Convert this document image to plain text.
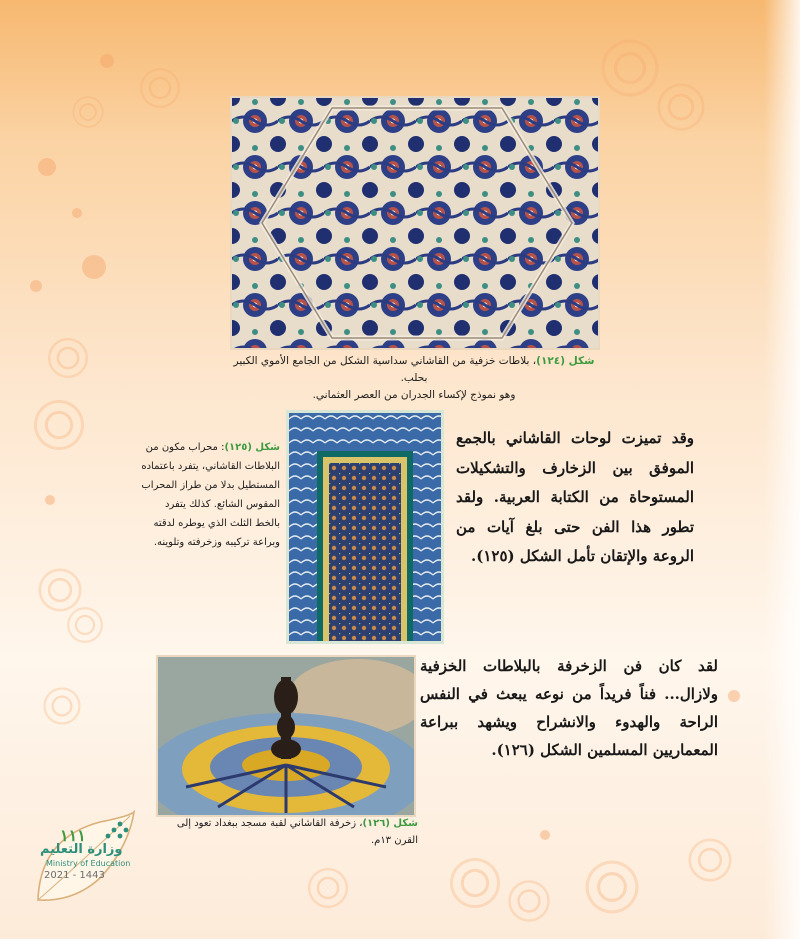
شكل (١٢٤)، بلاطات خزفية من القاشاني سداسية الشكل من الجامع الأموي الكبير بحلب.
وهو نموذج لإكساء الجدران من العصر العثماني.
شكل (١٢٥): محراب مكون من البلاطات القاشاني، يتفرد باعتماده المستطيل بدلا من طراز المحراب المقوس الشائع. كذلك يتفرد بالخط الثلث الذي يوطره لدقته وبراعة تركيبه وزخرفته وتلوينه.
وقد تميزت لوحات القاشاني بالجمع الموفق بين الزخارف والتشكيلات المستوحاة من الكتابة العربية. ولقد تطور هذا الفن حتى بلغ آيات من الروعة والإتقان تأمل الشكل (١٢٥).
شكل (١٢٦)، زخرفة القاشاني لقبة مسجد ببغداد تعود إلى القرن ١٣م.
لقد كان فن الزخرفة بالبلاطات الخزفية ولازال... فناً فريداً من نوعه يبعث في النفس الراحة والهدوء والانشراح ويشهد ببراعة المعماريين المسلمين الشكل (١٢٦).
١١١
وزارة التعليم
Ministry of Education
2021 - 1443
